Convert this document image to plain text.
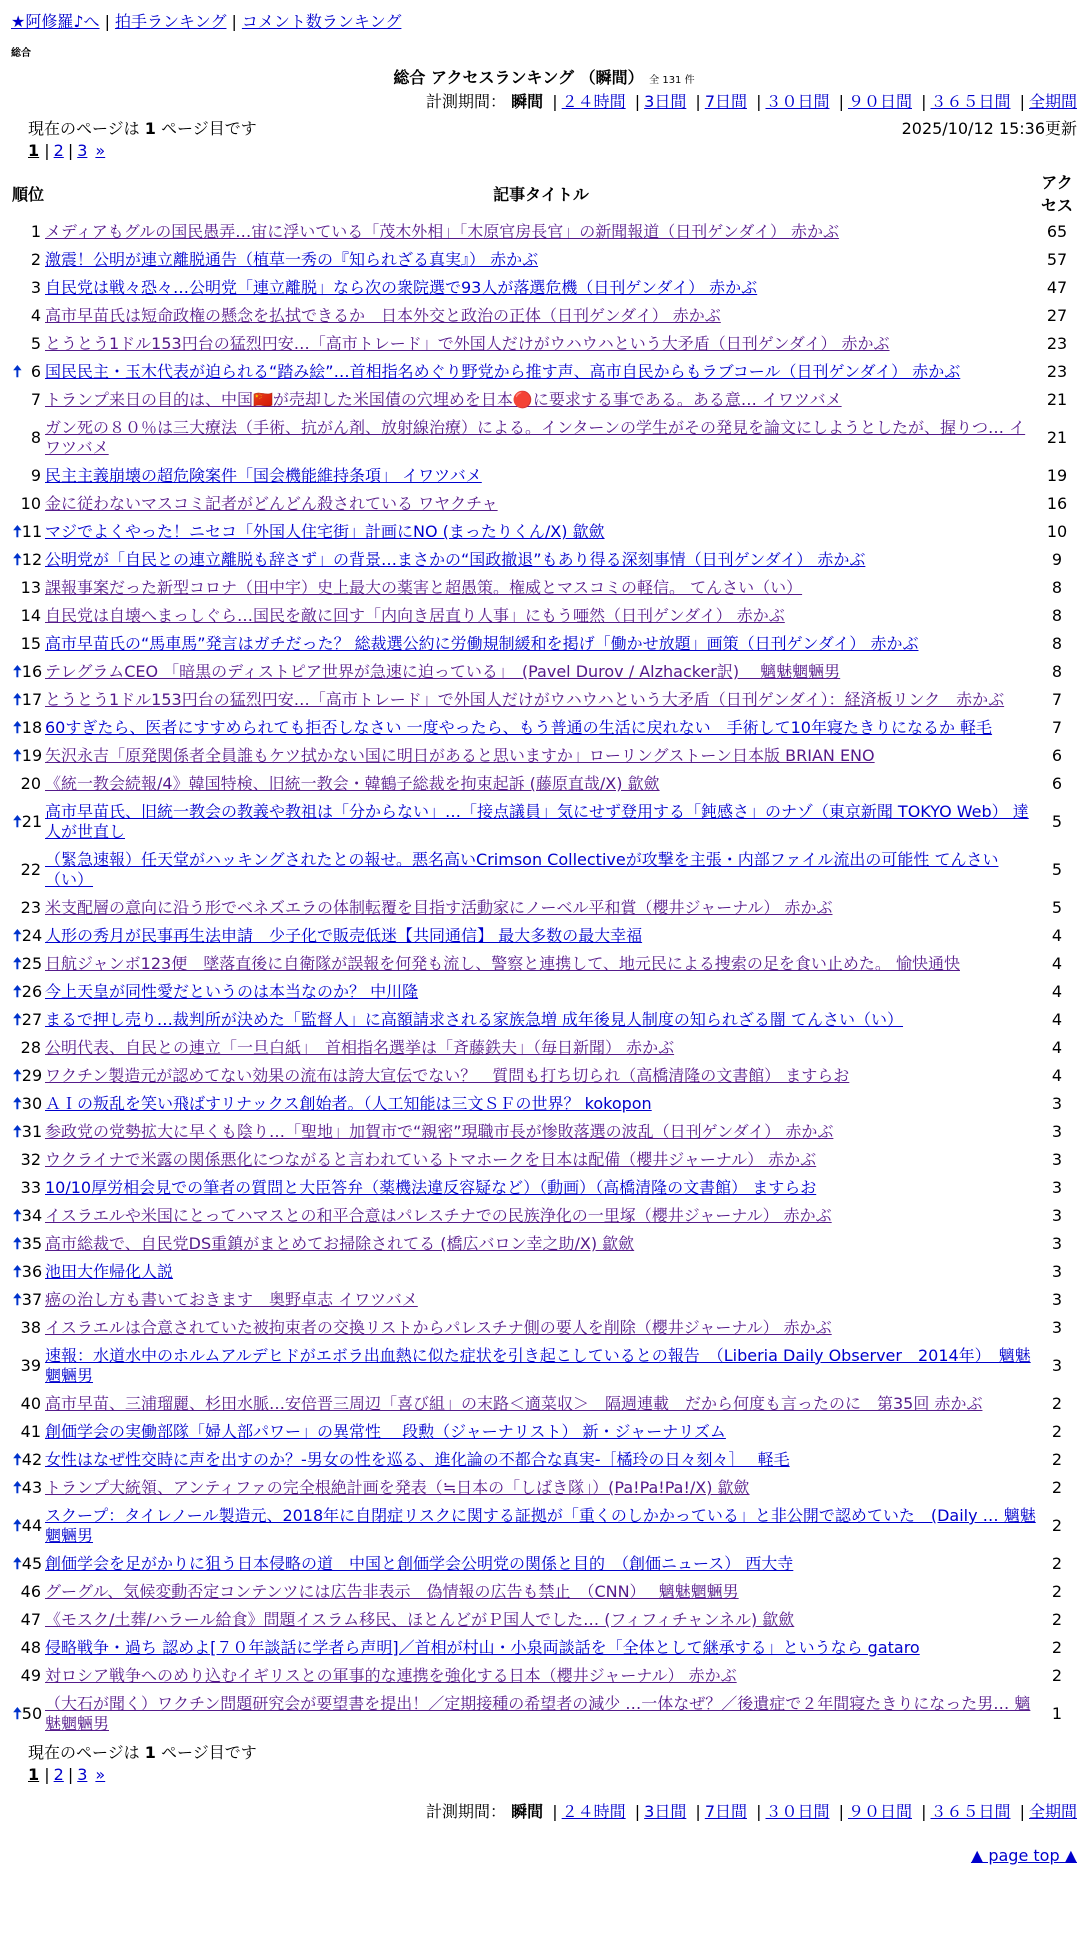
★阿修羅♪へ | 拍手ランキング | コメント数ランキング
総合
総合 アクセスランキング （瞬間） 全 131 件
計測期間： 瞬間 | ２４時間 | 3日間 | 7日間 | ３０日間 | ９０日間 | ３６５日間 | 全期間
現在のページは 1 ページ目です	2025/10/12 15:36更新
1 | 2 | 3 »
順位	記事タイトル	アクセス
1	メディアもグルの国民愚弄…宙に浮いている「茂木外相」「木原官房長官」の新聞報道（日刊ゲンダイ） 赤かぶ	65
2	激震！公明が連立離脱通告（植草一秀の『知られざる真実』） 赤かぶ	57
3	自民党は戦々恐々…公明党「連立離脱」なら次の衆院選で93人が落選危機（日刊ゲンダイ） 赤かぶ	47
4	高市早苗氏は短命政権の懸念を払拭できるか　日本外交と政治の正体（日刊ゲンダイ） 赤かぶ	27
5	とうとう1ドル153円台の猛烈円安…「高市トレード」で外国人だけがウハウハという大矛盾（日刊ゲンダイ） 赤かぶ	23

🠅 6	国民民主・玉木代表が迫られる“踏み絵”…首相指名めぐり野党から推す声、高市自民からもラブコール（日刊ゲンダイ） 赤かぶ	23
7	トランプ来日の目的は、中国🇨🇳が売却した米国債の穴埋めを日本🔴に要求する事である。ある意… イワツバメ	21
8	ガン死の８０％は三大療法（手術、抗がん剤、放射線治療）による。インターンの学生がその発見を論文にしようとしたが、握りつ… イワツバメ	21
9	民主主義崩壊の超危険案件「国会機能維持条項」 イワツバメ	19
10	金に従わないマスコミ記者がどんどん殺されている ワヤクチャ	16

🠅 11	マジでよくやった！ニセコ「外国人住宅街」計画にNO (まったりくん/X) 歙歛	10

🠅 12	公明党が「自民との連立離脱も辞さず」の背景…まさかの“国政撤退”もあり得る深刻事情（日刊ゲンダイ） 赤かぶ	9
13	課報事案だった新型コロナ（田中宇）史上最大の薬害と超愚策。権威とマスコミの軽信。 てんさい（い）	8
14	自民党は自壊へまっしぐら…国民を敵に回す「内向き居直り人事」にもう唖然（日刊ゲンダイ） 赤かぶ	8
15	高市早苗氏の“馬車馬”発言はガチだった？ 総裁選公約に労働規制緩和を掲げ「働かせ放題」画策（日刊ゲンダイ） 赤かぶ	8

🠅 16	テレグラムCEO 「暗黒のディストピア世界が急速に迫っている」　(Pavel Durov / Alzhacker訳)　 魑魅魍魎男	8

🠅 17	とうとう1ドル153円台の猛烈円安…「高市トレード」で外国人だけがウハウハという大矛盾（日刊ゲンダイ）：経済板リンク　赤かぶ	7

🠅 18	60すぎたら、医者にすすめられても拒否しなさい 一度やったら、もう普通の生活に戻れない　手術して10年寝たきりになるか 軽毛	7

🠅 19	矢沢永吉「原発関係者全員誰もケツ拭かない国に明日があると思いますか」ローリングストーン日本版 BRIAN ENO	6
20	《統一教会続報/4》韓国特検、旧統一教会・韓鶴子総裁を拘束起訴 (藤原直哉/X) 歙歛	6

🠅 21	高市早苗氏、旧統一教会の教義や教祖は「分からない」…「接点議員」気にせず登用する「鈍感さ」のナゾ（東京新聞 TOKYO Web） 達人が世直し	5
22	（緊急速報）任天堂がハッキングされたとの報せ。悪名高いCrimson Collectiveが攻撃を主張・内部ファイル流出の可能性 てんさい（い）	5
23	米支配層の意向に沿う形でベネズエラの体制転覆を目指す活動家にノーベル平和賞（櫻井ジャーナル） 赤かぶ	5

🠅 24	人形の秀月が民事再生法申請　少子化で販売低迷【共同通信】 最大多数の最大幸福	4

🠅 25	日航ジャンボ123便　墜落直後に自衛隊が誤報を何発も流し、警察と連携して、地元民による捜索の足を食い止めた。 愉快通快	4

🠅 26	今上天皇が同性愛だというのは本当なのか？ 中川隆	4

🠅 27	まるで押し売り…裁判所が決めた「監督人」に高額請求される家族急増 成年後見人制度の知られざる闇 てんさい（い）	4
28	公明代表、自民との連立「一旦白紙」　首相指名選挙は「斉藤鉄夫」（毎日新聞） 赤かぶ	4

🠅 29	ワクチン製造元が認めてない効果の流布は誇大宣伝でない？　質問も打ち切られ（高橋清隆の文書館） ますらお	4

🠅 30	ＡＩの叛乱を笑い飛ばすリナックス創始者。（人工知能は三文ＳＦの世界？ kokopon	3

🠅 31	参政党の党勢拡大に早くも陰り…「聖地」加賀市で“親密”現職市長が惨敗落選の波乱（日刊ゲンダイ） 赤かぶ	3
32	ウクライナで米露の関係悪化につながると言われているトマホークを日本は配備（櫻井ジャーナル） 赤かぶ	3
33	10/10厚労相会見での筆者の質問と大臣答弁（薬機法違反容疑など）（動画）（高橋清隆の文書館） ますらお	3

🠅 34	イスラエルや米国にとってハマスとの和平合意はパレスチナでの民族浄化の一里塚（櫻井ジャーナル） 赤かぶ	3

🠅 35	高市総裁で、自民党DS重鎮がまとめてお掃除されてる (橋広バロン幸之助/X) 歙歛	3

🠅 36	池田大作帰化人説	3

🠅 37	癌の治し方も書いておきます　奥野卓志 イワツバメ	3
38	イスラエルは合意されていた被拘束者の交換リストからパレスチナ側の要人を削除（櫻井ジャーナル） 赤かぶ	3
39	速報：水道水中のホルムアルデヒドがエボラ出血熱に似た症状を引き起こしているとの報告　（Liberia Daily Observer　2014年）　魑魅魍魎男	3
40	高市早苗、三浦瑠麗、杉田水脈…安倍晋三周辺「喜び組」の末路＜適菜収＞　隔週連載　だから何度も言ったのに　第35回 赤かぶ	2
41	創価学会の実働部隊「婦人部パワー」の異常性　 段勲（ジャーナリスト） 新・ジャーナリズム	2

🠅 42	女性はなぜ性交時に声を出すのか？-男女の性を巡る、進化論の不都合な真実-［橘玲の日々刻々］　 軽毛	2

🠅 43	トランプ大統領、アンティファの完全根絶計画を発表（≒日本の「しばき隊」）(Pa!Pa!Pa!/X) 歙歛	2

🠅 44	スクープ：タイレノール製造元、2018年に自閉症リスクに関する証拠が「重くのしかかっている」と非公開で認めていた　(Daily … 魑魅魍魎男	2

🠅 45	創価学会を足がかりに狙う日本侵略の道　中国と創価学会公明党の関係と目的　（創価ニュース） 西大寺	2
46	グーグル、気候変動否定コンテンツには広告非表示　偽情報の広告も禁止　（CNN）　 魑魅魍魎男	2
47	《モスク/土葬/ハラール給食》問題イスラム移民、ほとんどがＰ国人でした… (フィフィチャンネル) 歙歛	2
48	侵略戦争・過ち 認めよ[７０年談話に学者ら声明]／首相が村山・小泉両談話を「全体として継承する」というなら gataro	2
49	対ロシア戦争へのめり込むイギリスとの軍事的な連携を強化する日本（櫻井ジャーナル） 赤かぶ	2

🠅 50	（大石が聞く）ワクチン問題研究会が要望書を提出！／定期接種の希望者の減少 …一体なぜ？／後遺症で２年間寝たきりになった男… 魑魅魍魎男	1
現在のページは 1 ページ目です
1 | 2 | 3 »
計測期間： 瞬間 | ２４時間 | 3日間 | 7日間 | ３０日間 | ９０日間 | ３６５日間 | 全期間
▲ page top ▲
